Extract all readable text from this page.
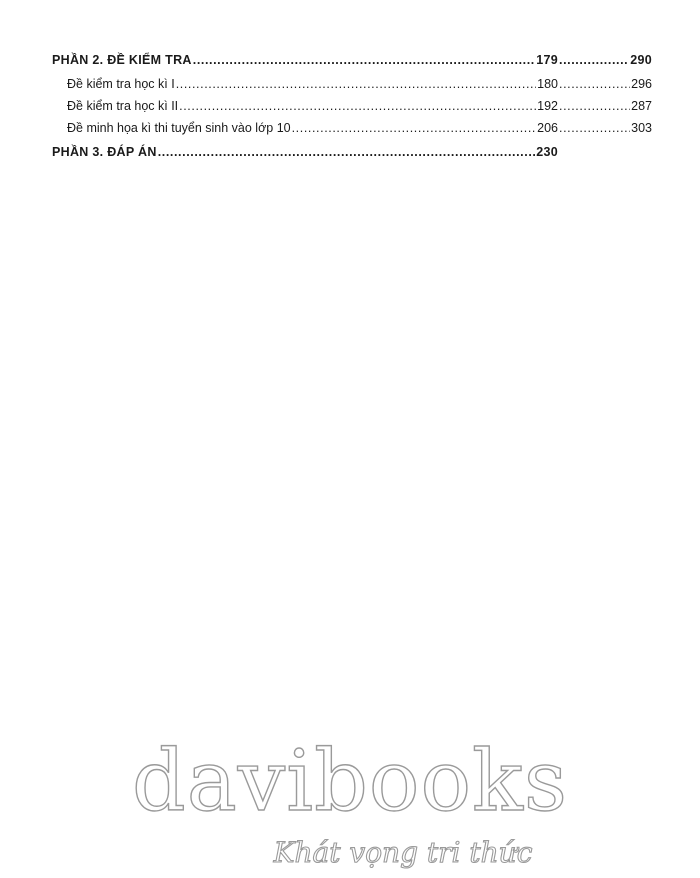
PHẦN 2. ĐỀ KIỂM TRA .....	179 .....	290
Đề kiểm tra học kì I .....	180 .....	296
Đề kiểm tra học kì II .....	192 .....	287
Đề minh họa kì thi tuyển sinh vào lớp 10 .....	206 .....	303
PHẦN 3. ĐÁP ÁN .....	230
davibooks
Khát vọng tri thức
